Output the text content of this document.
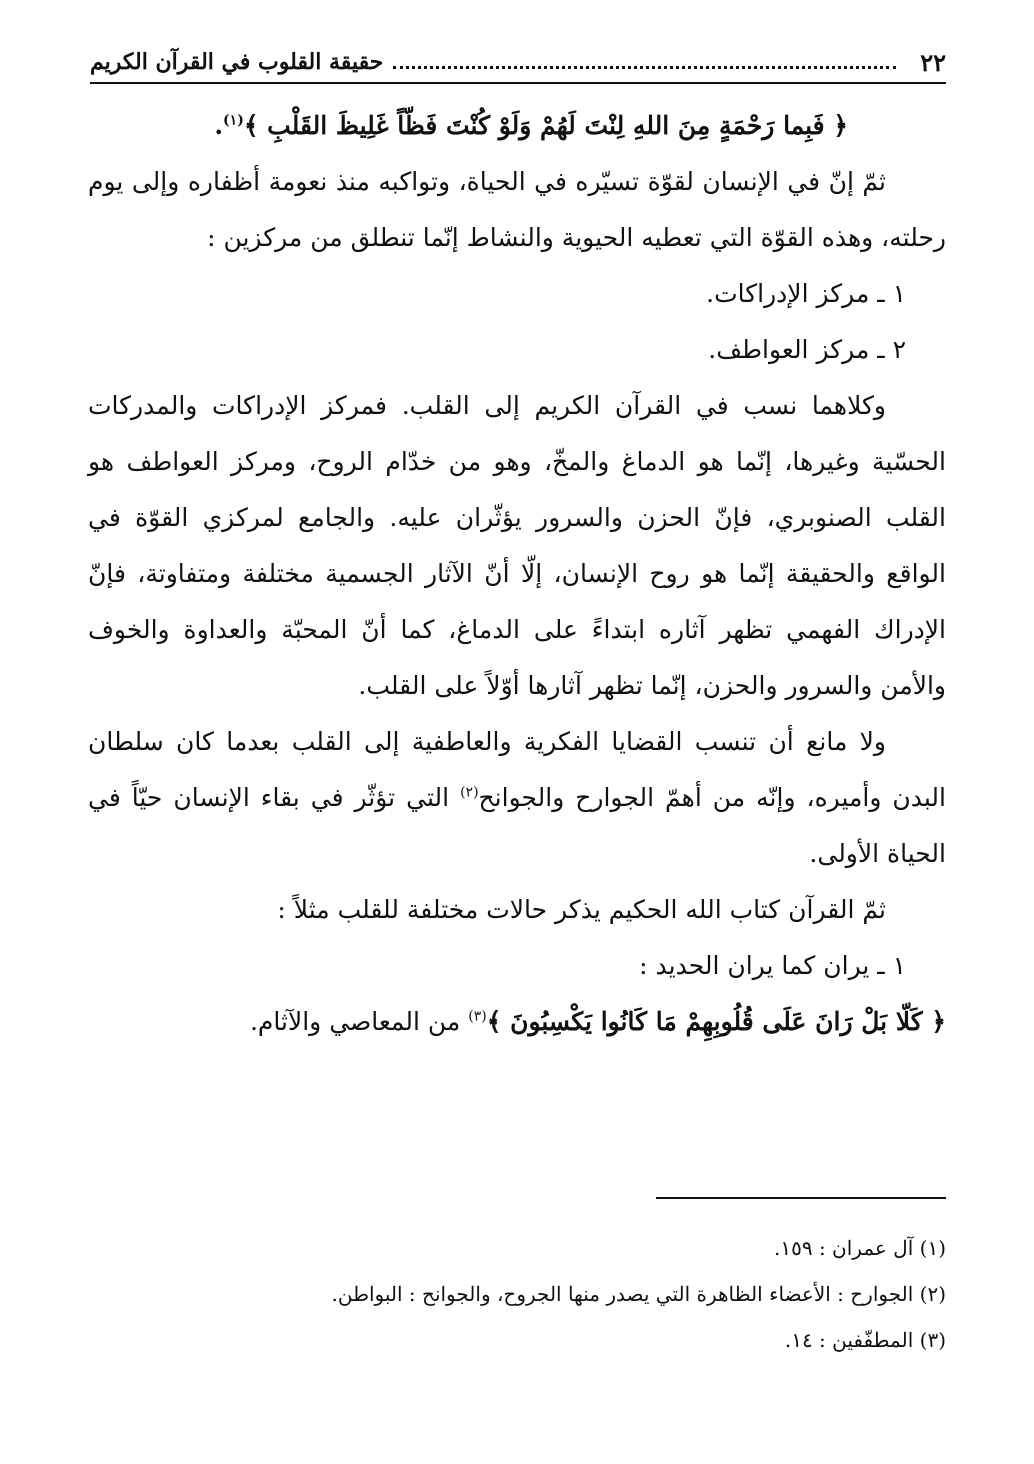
٢٢
حقيقة القلوب في القرآن الكريم

﴿ فَبِما رَحْمَةٍ مِنَ اللهِ لِنْتَ لَهُمْ وَلَوْ كُنْتَ فَظّاً غَلِيظَ القَلْبِ ﴾$^{(١)}$.

ثمّ إنّ في الإنسان لقوّة تسيّره في الحياة، وتواكبه منذ نعومة أظفاره وإلى يوم رحلته، وهذه القوّة التي تعطيه الحيوية والنشاط إنّما تنطلق من مركزين :

١ ـ مركز الإدراكات.

٢ ـ مركز العواطف.

وكلاهما نسب في القرآن الكريم إلى القلب. فمركز الإدراكات والمدركات الحسّية وغيرها، إنّما هو الدماغ والمخّ، وهو من خدّام الروح، ومركز العواطف هو القلب الصنوبري، فإنّ الحزن والسرور يؤثّران عليه. والجامع لمركزي القوّة في الواقع والحقيقة إنّما هو روح الإنسان، إلّا أنّ الآثار الجسمية مختلفة ومتفاوتة، فإنّ الإدراك الفهمي تظهر آثاره ابتداءً على الدماغ، كما أنّ المحبّة والعداوة والخوف والأمن والسرور والحزن، إنّما تظهر آثارها أوّلاً على القلب.

ولا مانع أن تنسب القضايا الفكرية والعاطفية إلى القلب بعدما كان سلطان البدن وأميره، وإنّه من أهمّ الجوارح والجوانح$^{(٢)}$ التي تؤثّر في بقاء الإنسان حيّاً في الحياة الأولى.

ثمّ القرآن كتاب الله الحكيم يذكر حالات مختلفة للقلب مثلاً :

١ ـ يران كما يران الحديد :

﴿ كَلّا بَلْ رَانَ عَلَى قُلُوبِهِمْ مَا كَانُوا يَكْسِبُونَ ﴾$^{(٣)}$ من المعاصي والآثام.

(١) آل عمران : ١٥٩.

(٢) الجوارح : الأعضاء الظاهرة التي يصدر منها الجروح، والجوانح : البواطن.

(٣) المطفّفين : ١٤.
